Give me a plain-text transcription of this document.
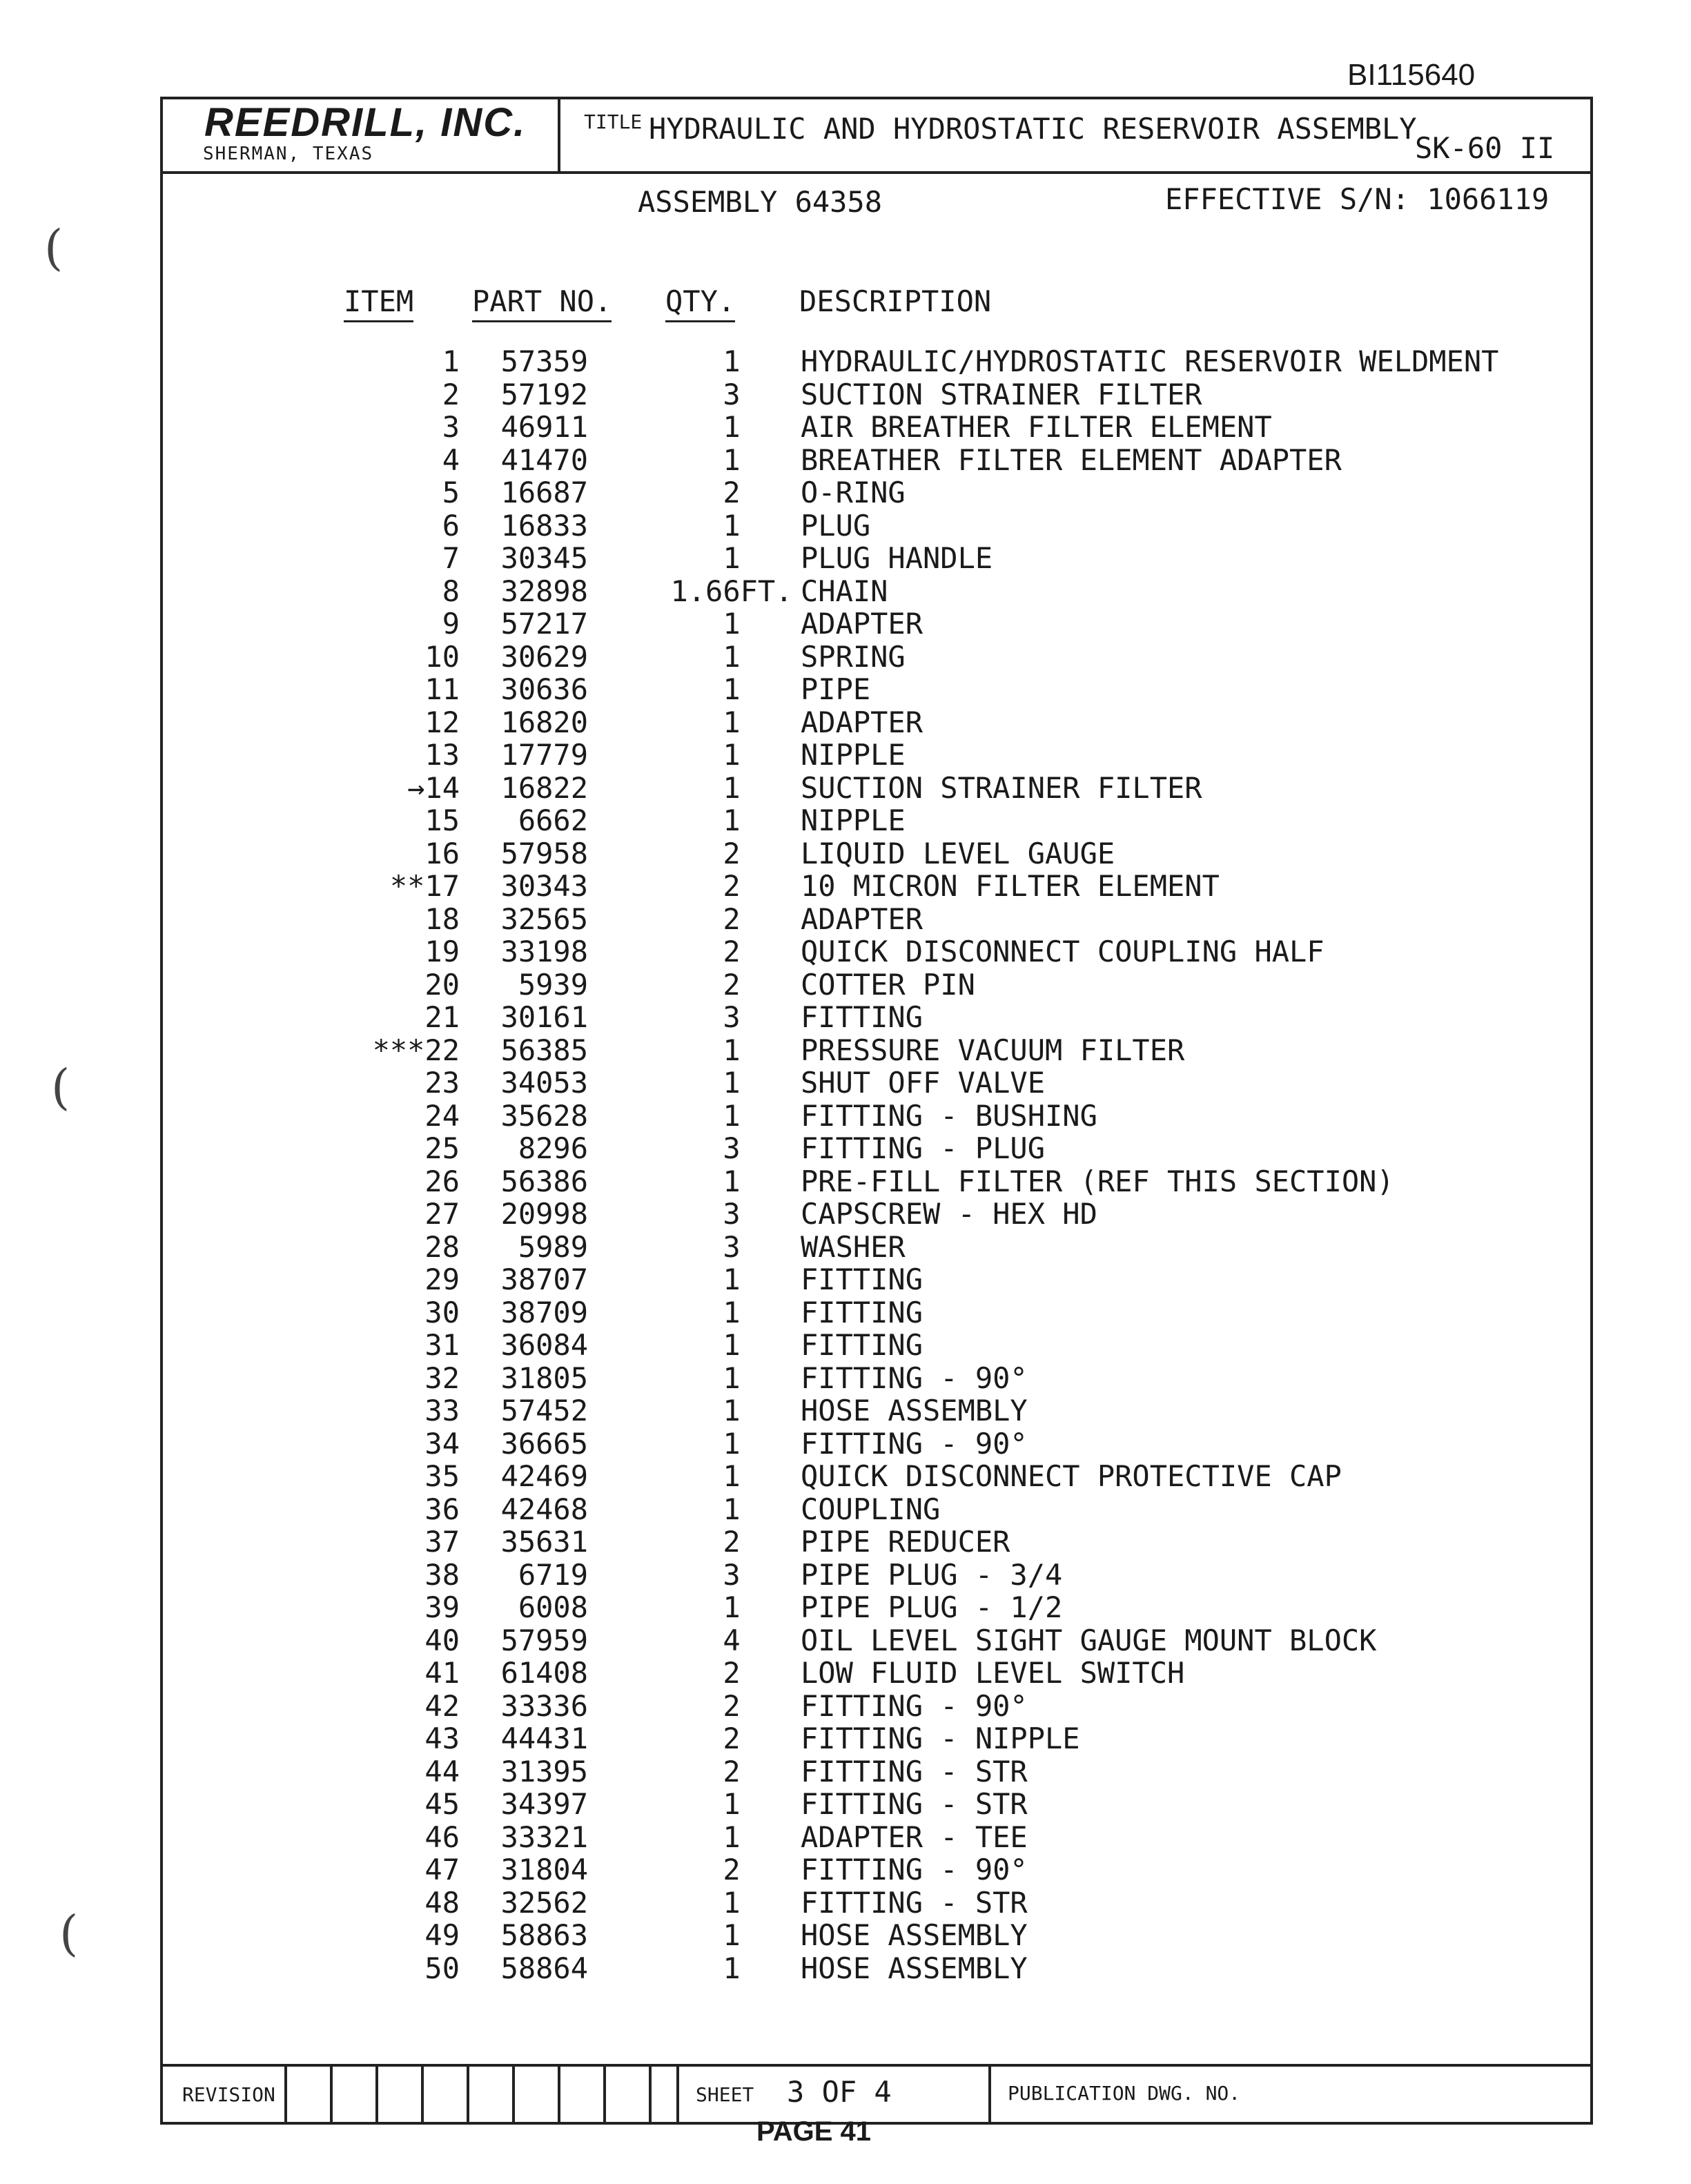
BI115640
(
(
(
REEDRILL, INC.
SHERMAN, TEXAS
TITLE HYDRAULIC AND HYDROSTATIC RESERVOIR ASSEMBLY
SK-60 II
ASSEMBLY 64358	EFFECTIVE S/N: 1066119
ITEM PART NO. QTY. DESCRIPTION
1 57359	1	HYDRAULIC/HYDROSTATIC RESERVOIR WELDMENT
2 57192	3	SUCTION STRAINER FILTER
3 46911	1	AIR BREATHER FILTER ELEMENT
4 41470	1	BREATHER FILTER ELEMENT ADAPTER
5 16687	2	O-RING
6 16833	1	PLUG
7 30345	1	PLUG HANDLE
8 32898	1.66FT. CHAIN
9 57217	1	ADAPTER
10 30629	1	SPRING
11 30636	1	PIPE
12 16820	1	ADAPTER
13 17779	1	NIPPLE
→14 16822	1	SUCTION STRAINER FILTER
15 6662	1	NIPPLE
16 57958	2	LIQUID LEVEL GAUGE
**17 30343	2	10 MICRON FILTER ELEMENT
18 32565	2	ADAPTER
19 33198	2	QUICK DISCONNECT COUPLING HALF
20 5939	2	COTTER PIN
21 30161	3	FITTING
***22 56385	1	PRESSURE VACUUM FILTER
23 34053	1	SHUT OFF VALVE
24 35628	1	FITTING - BUSHING
25 8296	3	FITTING - PLUG
26 56386	1	PRE-FILL FILTER (REF THIS SECTION)
27 20998	3	CAPSCREW - HEX HD
28 5989	3	WASHER
29 38707	1	FITTING
30 38709	1	FITTING
31 36084	1	FITTING
32 31805	1	FITTING - 90°
33 57452	1	HOSE ASSEMBLY
34 36665	1	FITTING - 90°
35 42469	1	QUICK DISCONNECT PROTECTIVE CAP
36 42468	1	COUPLING
37 35631	2	PIPE REDUCER
38 6719	3	PIPE PLUG - 3/4
39 6008	1	PIPE PLUG - 1/2
40 57959	4	OIL LEVEL SIGHT GAUGE MOUNT BLOCK
41 61408	2	LOW FLUID LEVEL SWITCH
42 33336	2	FITTING - 90°
43 44431	2	FITTING - NIPPLE
44 31395	2	FITTING - STR
45 34397	1	FITTING - STR
46 33321	1	ADAPTER - TEE
47 31804	2	FITTING - 90°
48 32562	1	FITTING - STR
49 58863	1	HOSE ASSEMBLY
50 58864	1	HOSE ASSEMBLY
REVISION	SHEET 3 OF 4	PUBLICATION DWG. NO.
PAGE 41
